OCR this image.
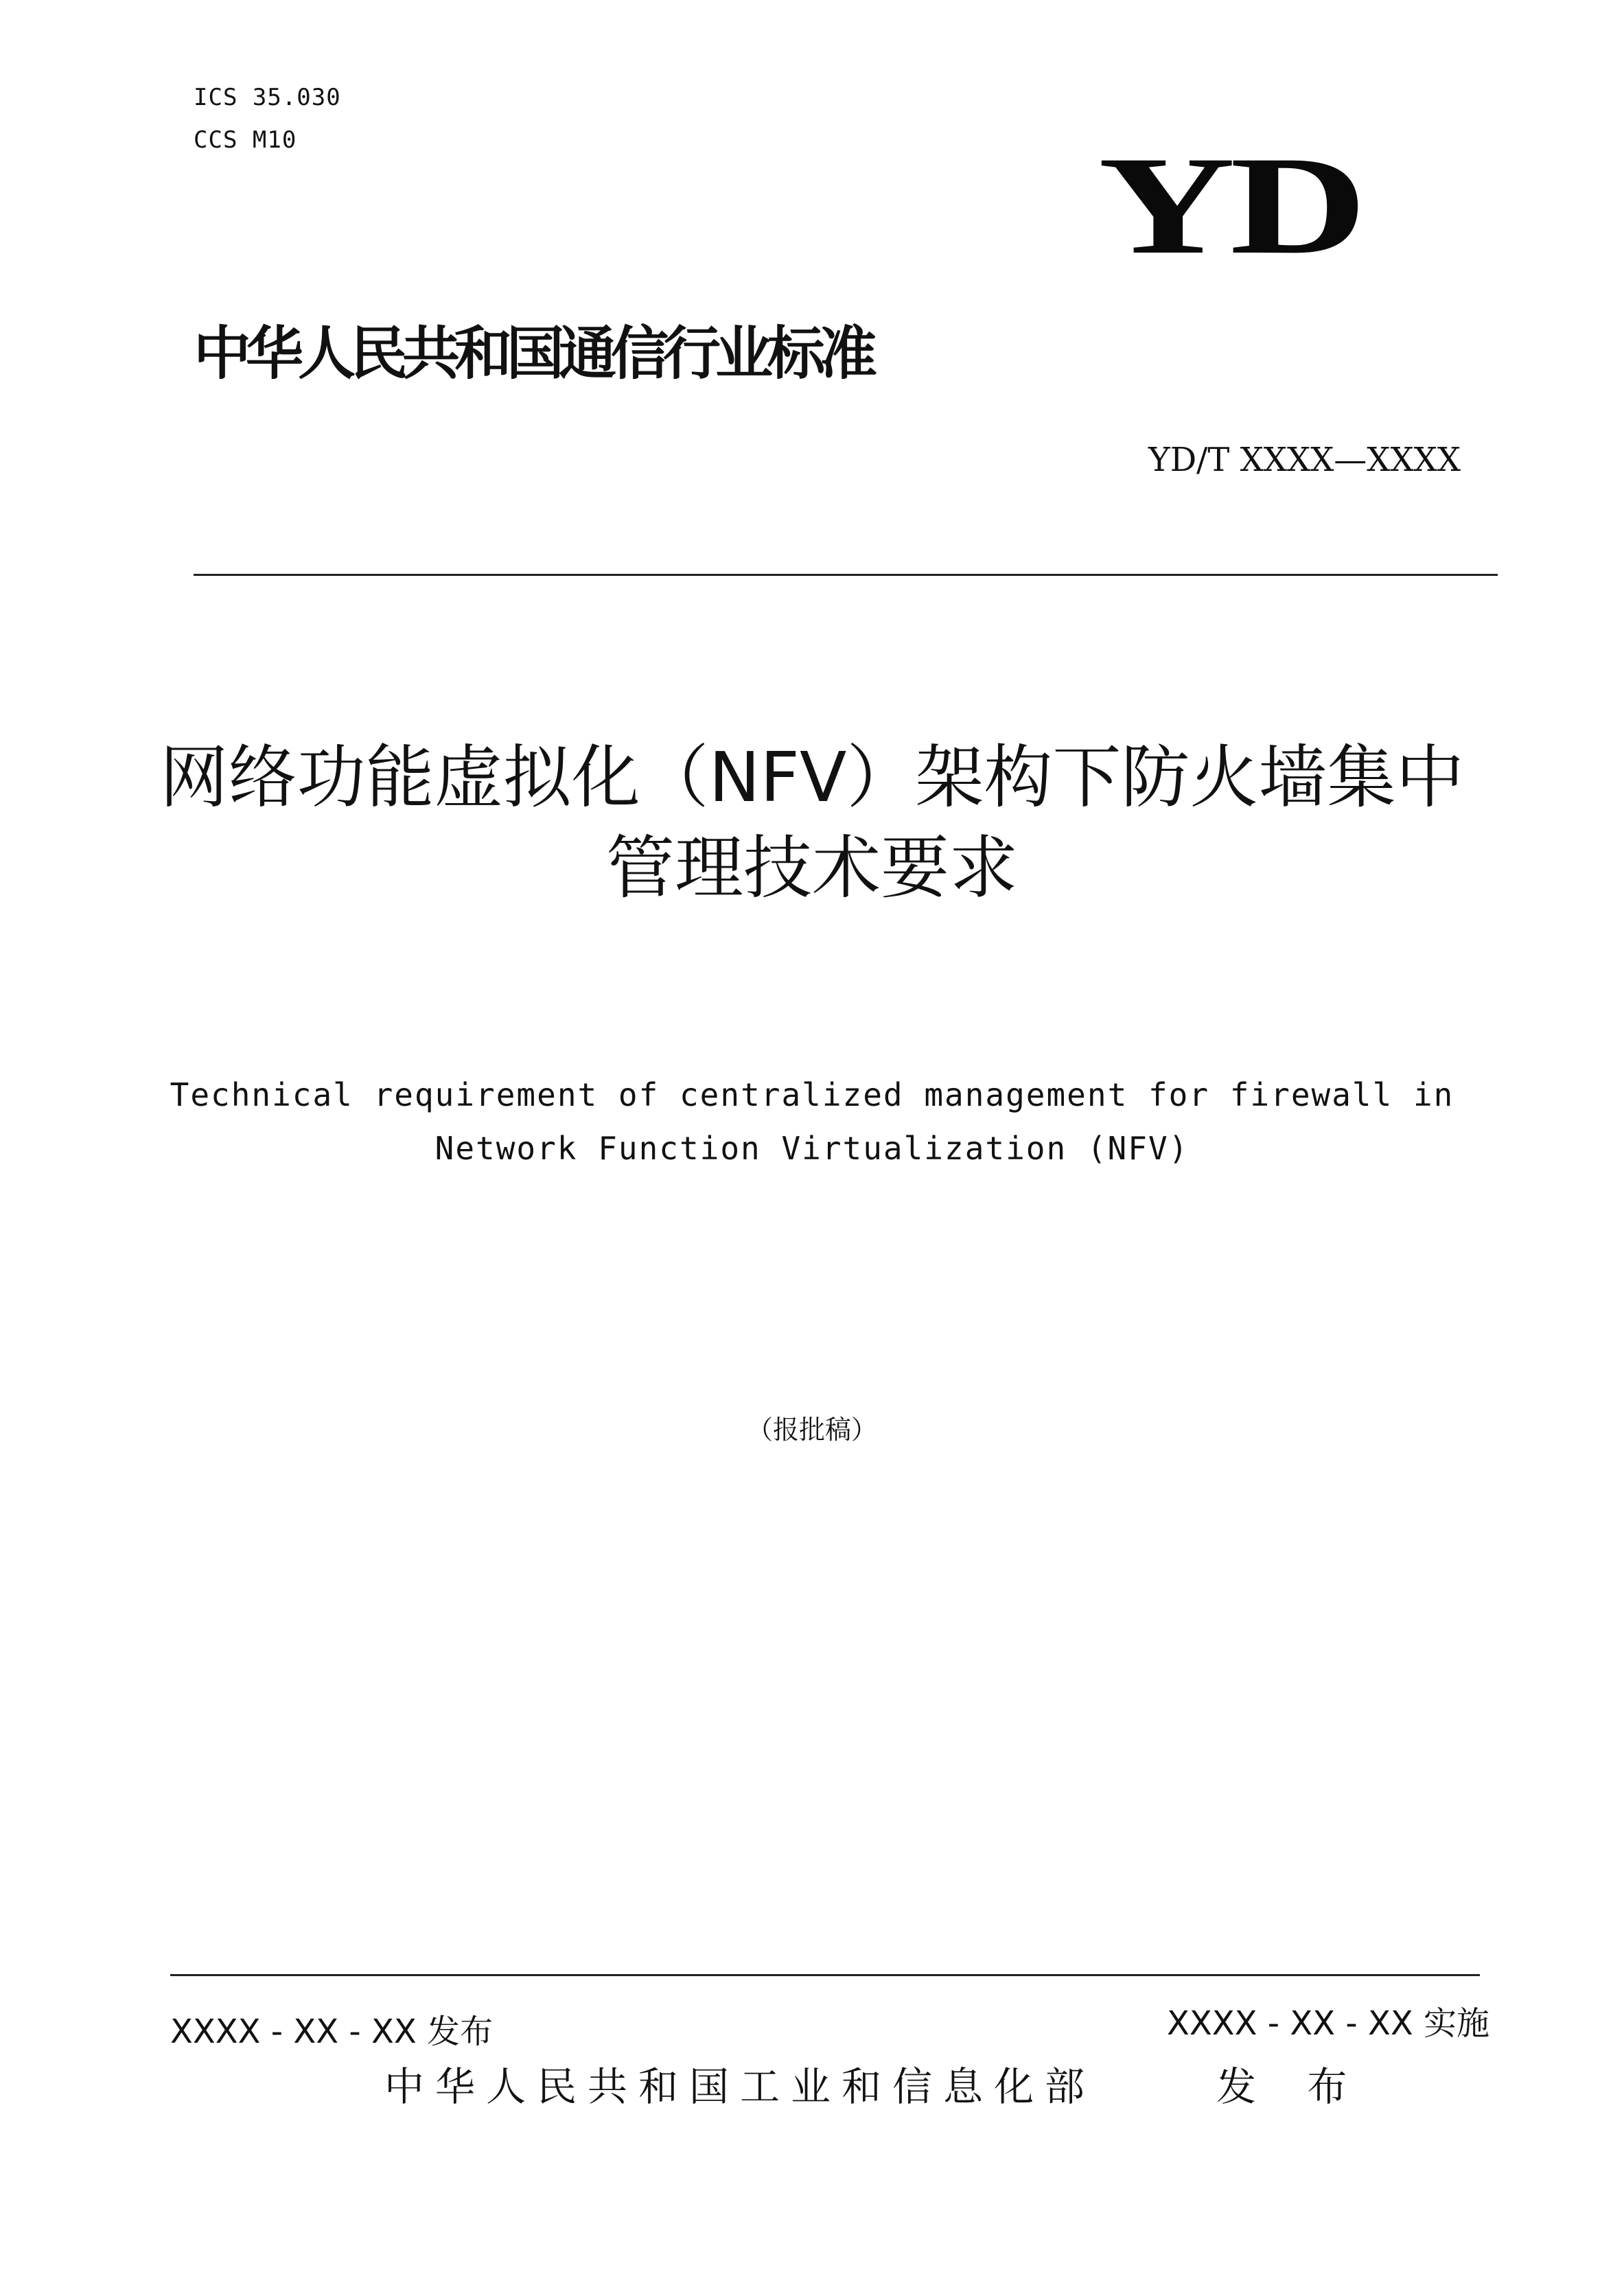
ICS 35.030
CCS M10	YD
中华人民共和国通信行业标准
YD/T XXXX—XXXX
网络功能虚拟化（NFV）架构下防火墙集中
管理技术要求
Technical requirement of centralized management for firewall in
Network Function Virtualization (NFV)
（报批稿）
XXXX - XX - XX 发布	XXXX - XX - XX 实施
中华人民共和国工业和信息化部	发 布
